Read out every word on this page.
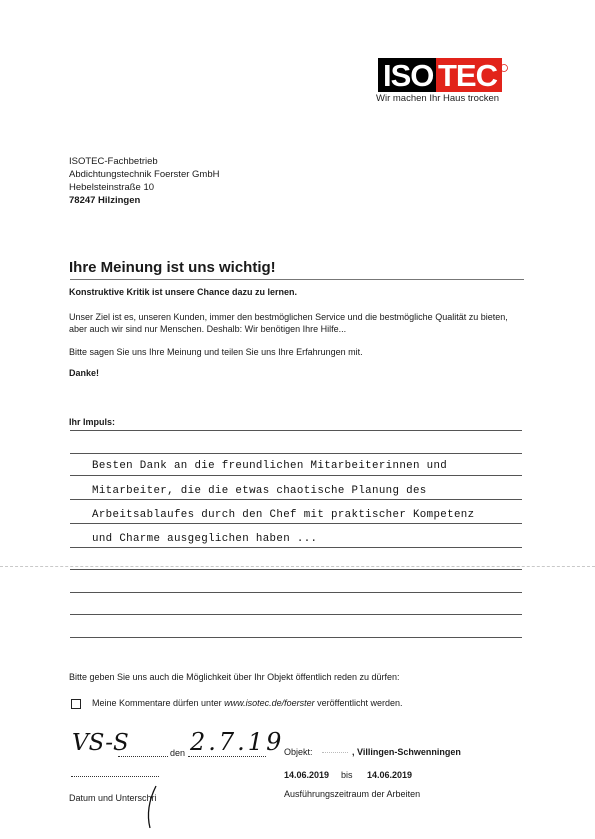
ISO TEC
Wir machen Ihr Haus trocken
ISOTEC-Fachbetrieb
Abdichtungstechnik Foerster GmbH
Hebelsteinstraße 10
78247 Hilzingen
Ihre Meinung ist uns wichtig!
Konstruktive Kritik ist unsere Chance dazu zu lernen.
Unser Ziel ist es, unseren Kunden, immer den bestmöglichen Service und die bestmögliche Qualität zu bieten,
aber auch wir sind nur Menschen. Deshalb: Wir benötigen Ihre Hilfe...
Bitte sagen Sie uns Ihre Meinung und teilen Sie uns Ihre Erfahrungen mit.
Danke!
Ihr Impuls:
Besten Dank an die freundlichen Mitarbeiterinnen und
Mitarbeiter, die die etwas chaotische Planung des
Arbeitsablaufes durch den Chef mit praktischer Kompetenz
und Charme ausgeglichen haben ...
Bitte geben Sie uns auch die Möglichkeit über Ihr Objekt öffentlich reden zu dürfen:
Meine Kommentare dürfen unter www.isotec.de/foerster veröffentlicht werden.
VS-S	den 2.7.19
Datum und Unterschri
Objekt:	, Villingen-Schwenningen
14.06.2019 bis 14.06.2019
Ausführungszeitraum der Arbeiten
